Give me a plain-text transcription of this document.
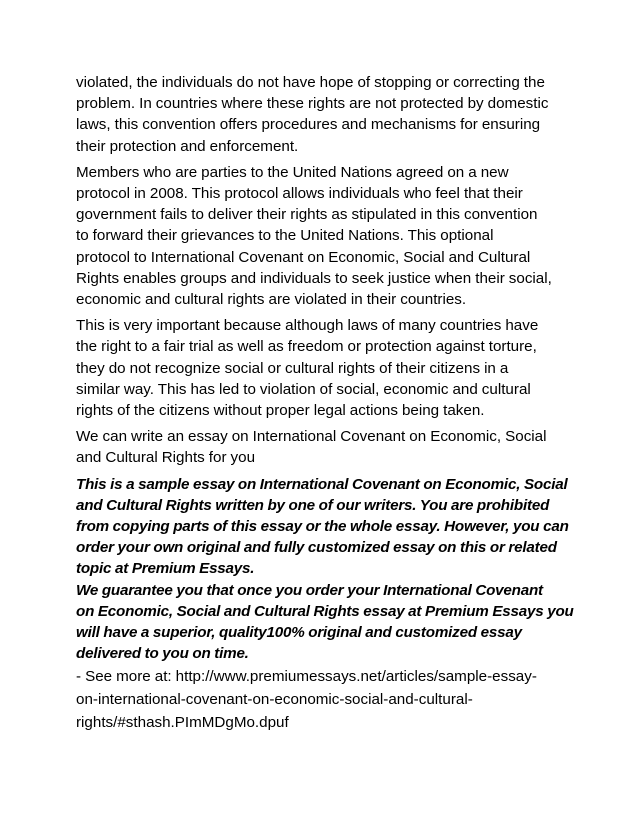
violated, the individuals do not have hope of stopping or correcting the
problem. In countries where these rights are not protected by domestic
laws, this convention offers procedures and mechanisms for ensuring
their protection and enforcement.

Members who are parties to the United Nations agreed on a new
protocol in 2008. This protocol allows individuals who feel that their
government fails to deliver their rights as stipulated in this convention
to forward their grievances to the United Nations. This optional
protocol to International Covenant on Economic, Social and Cultural
Rights enables groups and individuals to seek justice when their social,
economic and cultural rights are violated in their countries.

This is very important because although laws of many countries have
the right to a fair trial as well as freedom or protection against torture,
they do not recognize social or cultural rights of their citizens in a
similar way. This has led to violation of social, economic and cultural
rights of the citizens without proper legal actions being taken.

We can write an essay on International Covenant on Economic, Social
and Cultural Rights for you

This is a sample essay on International Covenant on Economic, Social
and Cultural Rights written by one of our writers. You are prohibited
from copying parts of this essay or the whole essay. However, you can
order your own original and fully customized essay on this or related
topic at Premium Essays.
We guarantee you that once you order your International Covenant
on Economic, Social and Cultural Rights essay at Premium Essays you
will have a superior, quality100% original and customized essay
delivered to you on time.

- See more at: http://www.premiumessays.net/articles/sample-essay-
on-international-covenant-on-economic-social-and-cultural-
rights/#sthash.PImMDgMo.dpuf
